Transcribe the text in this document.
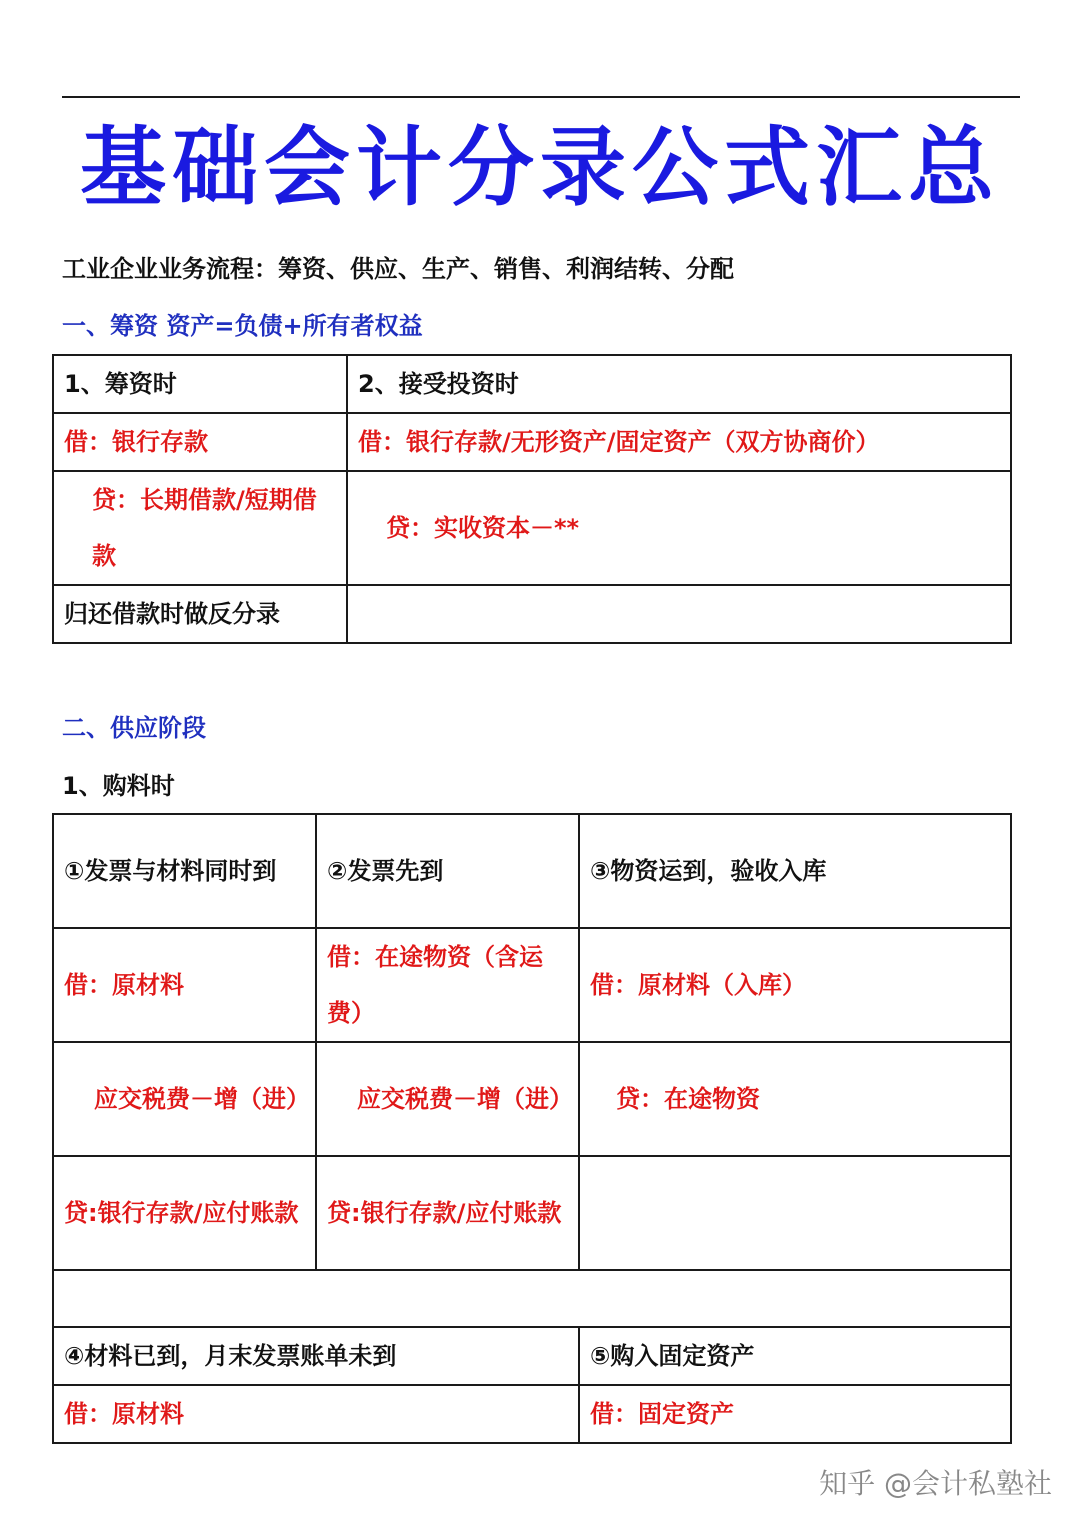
基础会计分录公式汇总
工业企业业务流程：筹资、供应、生产、销售、利润结转、分配
一、筹资 资产=负债+所有者权益
1、筹资时	2、接受投资时
借：银行存款	借：银行存款/无形资产/固定资产（双方协商价）
贷：长期借款/短期借款	贷：实收资本－**
归还借款时做反分录	
二、供应阶段
1、购料时
①发票与材料同时到	②发票先到	③物资运到，验收入库
借：原材料	借：在途物资（含运费）	借：原材料（入库）
应交税费－增（进）	应交税费－增（进）	贷：在途物资
贷:银行存款/应付账款	贷:银行存款/应付账款	

④材料已到，月末发票账单未到		⑤购入固定资产
借：原材料		借：固定资产
知乎 @会计私塾社
